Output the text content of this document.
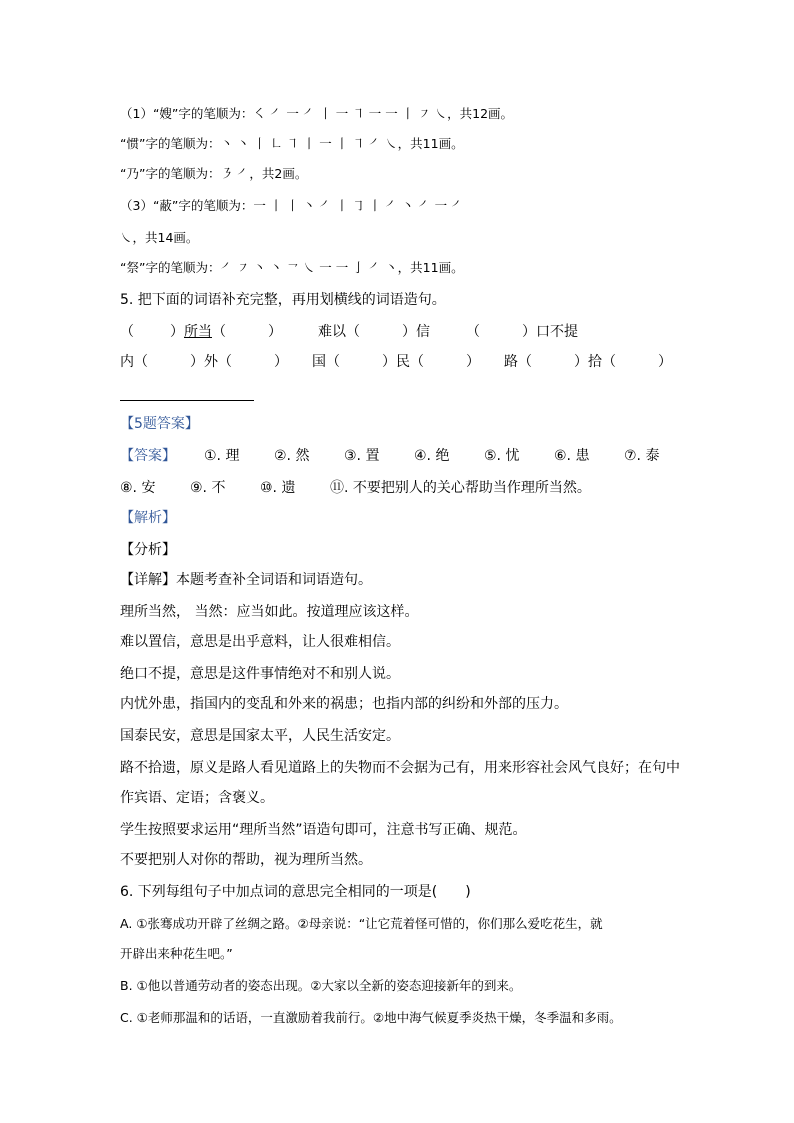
（1）“嫂”字的笔顺为：㇛ ㇒ 一 ㇒ 丨 一 ㇕ 一 一 丨 ㇇ ㇏，共12画。
“惯”字的笔顺为：丶 丶 丨 ㇗ ㇕ 丨 一 丨 ㇕ ㇒ ㇏，共11画。
“乃”字的笔顺为：㇋ ㇒，共2画。
（3）“蔽”字的笔顺为：一 丨 丨 丶 ㇒ 丨 ㇆ 丨 ㇒ 丶 ㇒ 一 ㇒
㇏，共14画。
“祭”字的笔顺为：㇒ ㇇ 丶 丶 ㇖ ㇏ 一 一 亅 ㇒ 丶，共11画。
5. 把下面的词语补充完整，再用划横线的词语造句。
（	）所当（　　　）	难以（　　　）信	（　　　）口不提
内（　　　）外（　　　） 国（　　　）民（　　　） 路（　　　）拾（　　　）
【5题答案】
【答案】 ①. 理 ②. 然 ③. 置 ④. 绝 ⑤. 忧 ⑥. 患 ⑦. 泰
⑧. 安 ⑨. 不 ⑩. 遗 ⑪. 不要把别人的关心帮助当作理所当然。
【解析】
【分析】
【详解】本题考查补全词语和词语造句。
理所当然， 当然：应当如此。按道理应该这样。
难以置信，意思是出乎意料，让人很难相信。
绝口不提，意思是这件事情绝对不和别人说。
内忧外患，指国内的变乱和外来的祸患；也指内部的纠纷和外部的压力。
国泰民安，意思是国家太平，人民生活安定。
路不拾遗，原义是路人看见道路上的失物而不会据为己有，用来形容社会风气良好；在句中
作宾语、定语；含褒义。
学生按照要求运用“理所当然”语造句即可，注意书写正确、规范。
不要把别人对你的帮助，视为理所当然。
6. 下列每组句子中加点词的意思完全相同的一项是(　　)
A. ①张骞成功开辟了丝绸之路。②母亲说：“让它荒着怪可惜的，你们那么爱吃花生，就
开辟出来种花生吧。”
B. ①他以普通劳动者的姿态出现。②大家以全新的姿态迎接新年的到来。
C. ①老师那温和的话语，一直激励着我前行。②地中海气候夏季炎热干燥，冬季温和多雨。
